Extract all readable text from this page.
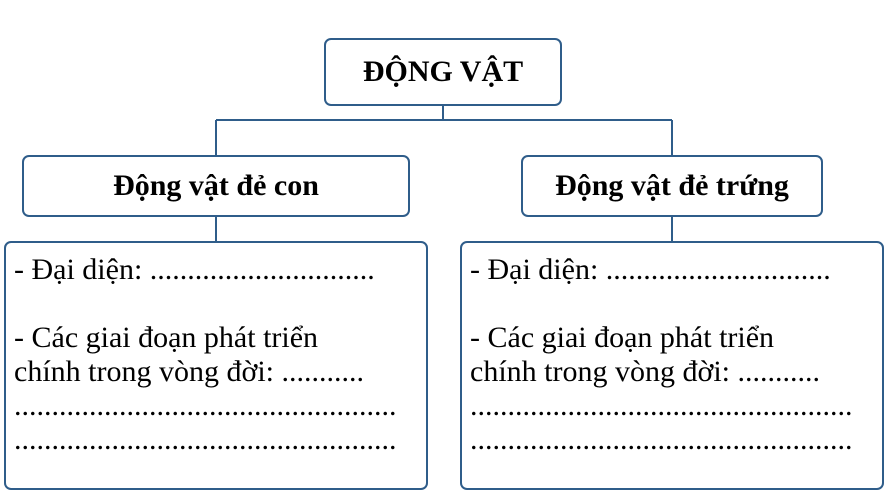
ĐỘNG VẬT
Động vật đẻ con	Động vật đẻ trứng
- Đại diện: ..............................
- Các giai đoạn phát triển
chính trong vòng đời: ...........
...................................................
...................................................
- Đại diện: ..............................
- Các giai đoạn phát triển
chính trong vòng đời: ...........
...................................................
...................................................
